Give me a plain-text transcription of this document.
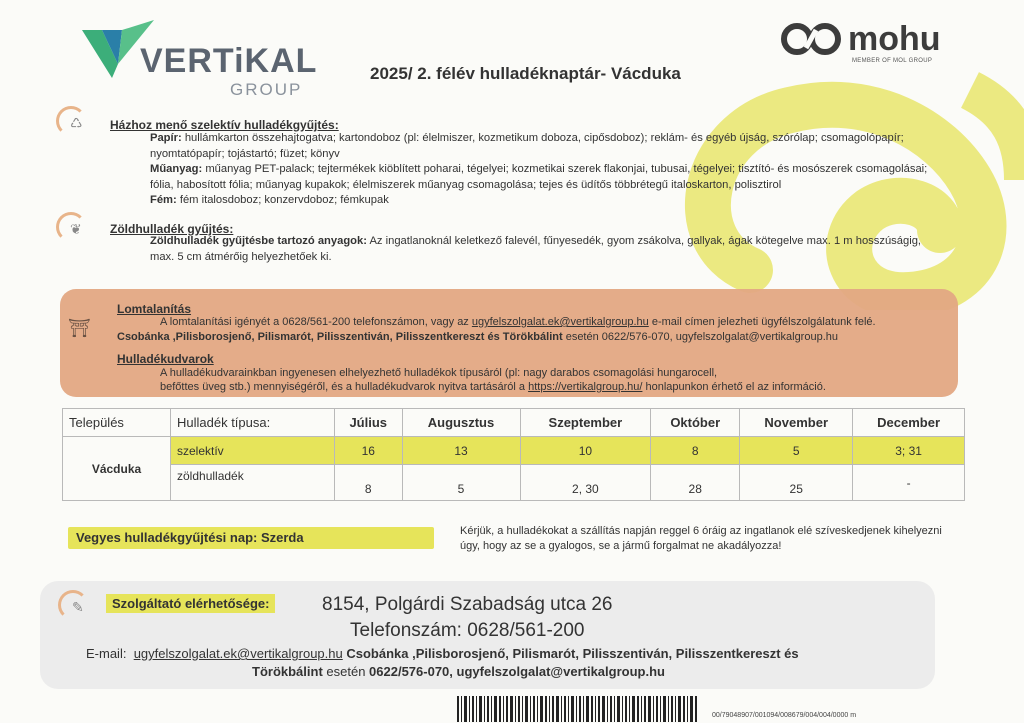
VERTiKAL
GROUP
2025/ 2. félév hulladéknaptár- Vácduka
mohu
MEMBER OF MOL GROUP
♺ Házhoz menő szelektív hulladékgyűjtés:
Papír: hullámkarton összehajtogatva; kartondoboz (pl: élelmiszer, kozmetikum doboza, cipősdoboz); reklám- és egyéb újság, szórólap; csomagolópapír; nyomtatópapír; tojástartó; füzet; könyv
Műanyag: műanyag PET-palack; tejtermékek kiöblített poharai, tégelyei; kozmetikai szerek flakonjai, tubusai, tégelyei; tisztító- és mosószerek csomagolásai; fólia, habosított fólia; műanyag kupakok; élelmiszerek műanyag csomagolása; tejes és üdítős többrétegű italoskarton, polisztirol
Fém: fém italosdoboz; konzervdoboz; fémkupak
❦ Zöldhulladék gyűjtés:
Zöldhulladék gyűjtésbe tartozó anyagok: Az ingatlanoknál keletkező falevél, fűnyesedék, gyom zsákolva, gallyak, ágak kötegelve max. 1 m hosszúságig, max. 5 cm átmérőig helyezhetőek ki.
⛩
Lomtalanítás
A lomtalanítási igényét a 0628/561-200 telefonszámon, vagy az ugyfelszolgalat.ek@vertikalgroup.hu e-mail címen jelezheti ügyfélszolgálatunk felé.
Csobánka ,Pilisborosjenő, Pilismarót, Pilisszentiván, Pilisszentkereszt és Törökbálint esetén 0622/576-070, ugyfelszolgalat@vertikalgroup.hu
Hulladékudvarok
A hulladékudvarainkban ingyenesen elhelyezhető hulladékok típusáról (pl: nagy darabos csomagolási hungarocell,
befőttes üveg stb.) mennyiségéről, és a hulladékudvarok nyitva tartásáról a https://vertikalgroup.hu/ honlapunkon érhető el az információ.
Település	Hulladék típusa:	Július	Augusztus	Szeptember	Október	November	December
Vácduka	szelektív	16	13	10	8	5	3; 31
	zöldhulladék	8	5	2, 30	28	25	-
Vegyes hulladékgyűjtési nap: Szerda	Kérjük, a hulladékokat a szállítás napján reggel 6 óráig az ingatlanok elé szíveskedjenek kihelyezni úgy, hogy az se a gyalogos, se a jármű forgalmat ne akadályozza!
✎	Szolgáltató elérhetősége:	8154, Polgárdi Szabadság utca 26
Telefonszám: 0628/561-200
E-mail: ugyfelszolgalat.ek@vertikalgroup.hu Csobánka ,Pilisborosjenő, Pilismarót, Pilisszentiván, Pilisszentkereszt és
Törökbálint esetén 0622/576-070, ugyfelszolgalat@vertikalgroup.hu
00/79048907/001094/008679/004/004/0000 m
